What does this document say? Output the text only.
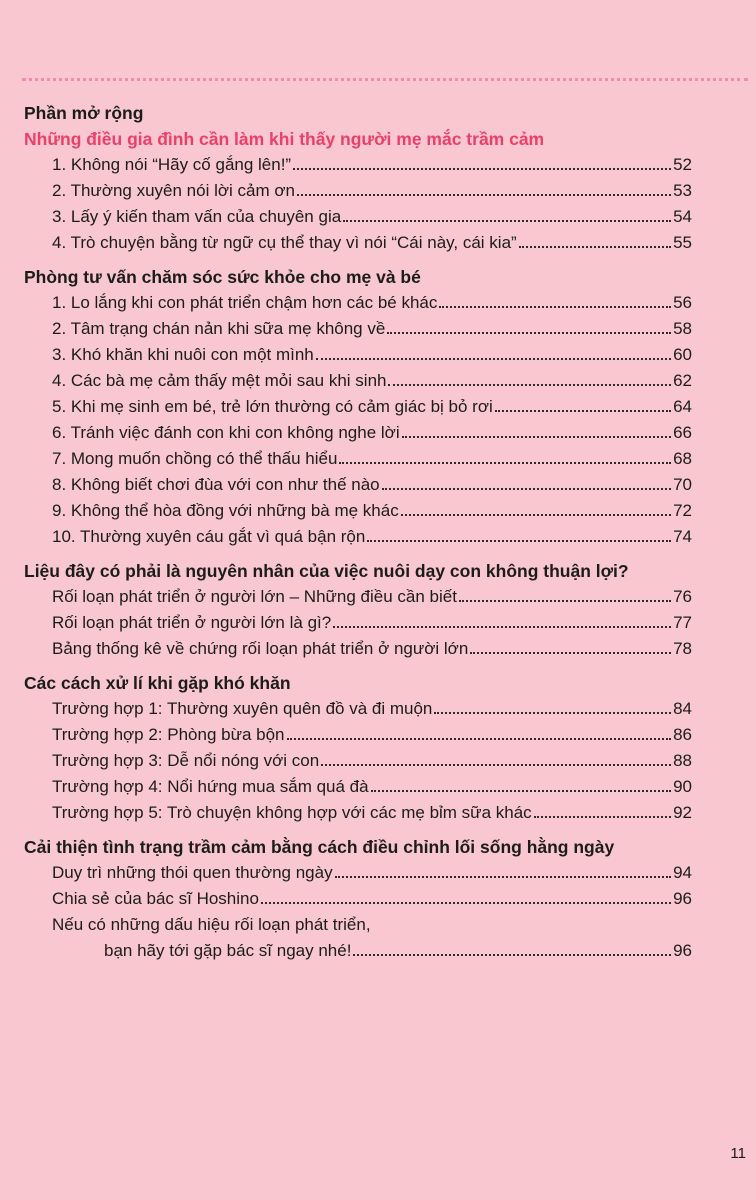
Phần mở rộng
Những điều gia đình cần làm khi thấy người mẹ mắc trầm cảm
1. Không nói “Hãy cố gắng lên!”	52
2. Thường xuyên nói lời cảm ơn	53
3. Lấy ý kiến tham vấn của chuyên gia	54
4. Trò chuyện bằng từ ngữ cụ thể thay vì nói “Cái này, cái kia”	55
Phòng tư vấn chăm sóc sức khỏe cho mẹ và bé
1. Lo lắng khi con phát triển chậm hơn các bé khác	56
2. Tâm trạng chán nản khi sữa mẹ không về	58
3. Khó khăn khi nuôi con một mình	60
4. Các bà mẹ cảm thấy mệt mỏi sau khi sinh	62
5. Khi mẹ sinh em bé, trẻ lớn thường có cảm giác bị bỏ rơi	64
6. Tránh việc đánh con khi con không nghe lời	66
7. Mong muốn chồng có thể thấu hiểu	68
8. Không biết chơi đùa với con như thế nào	70
9. Không thể hòa đồng với những bà mẹ khác	72
10. Thường xuyên cáu gắt vì quá bận rộn	74
Liệu đây có phải là nguyên nhân của việc nuôi dạy con không thuận lợi?
Rối loạn phát triển ở người lớn – Những điều cần biết	76
Rối loạn phát triển ở người lớn là gì?	77
Bảng thống kê về chứng rối loạn phát triển ở người lớn	78
Các cách xử lí khi gặp khó khăn
Trường hợp 1: Thường xuyên quên đồ và đi muộn	84
Trường hợp 2: Phòng bừa bộn	86
Trường hợp 3: Dễ nổi nóng với con	88
Trường hợp 4: Nổi hứng mua sắm quá đà	90
Trường hợp 5: Trò chuyện không hợp với các mẹ bỉm sữa khác	92
Cải thiện tình trạng trầm cảm bằng cách điều chỉnh lối sống hằng ngày
Duy trì những thói quen thường ngày	94
Chia sẻ của bác sĩ Hoshino	96
Nếu có những dấu hiệu rối loạn phát triển,
bạn hãy tới gặp bác sĩ ngay nhé!	96
11
